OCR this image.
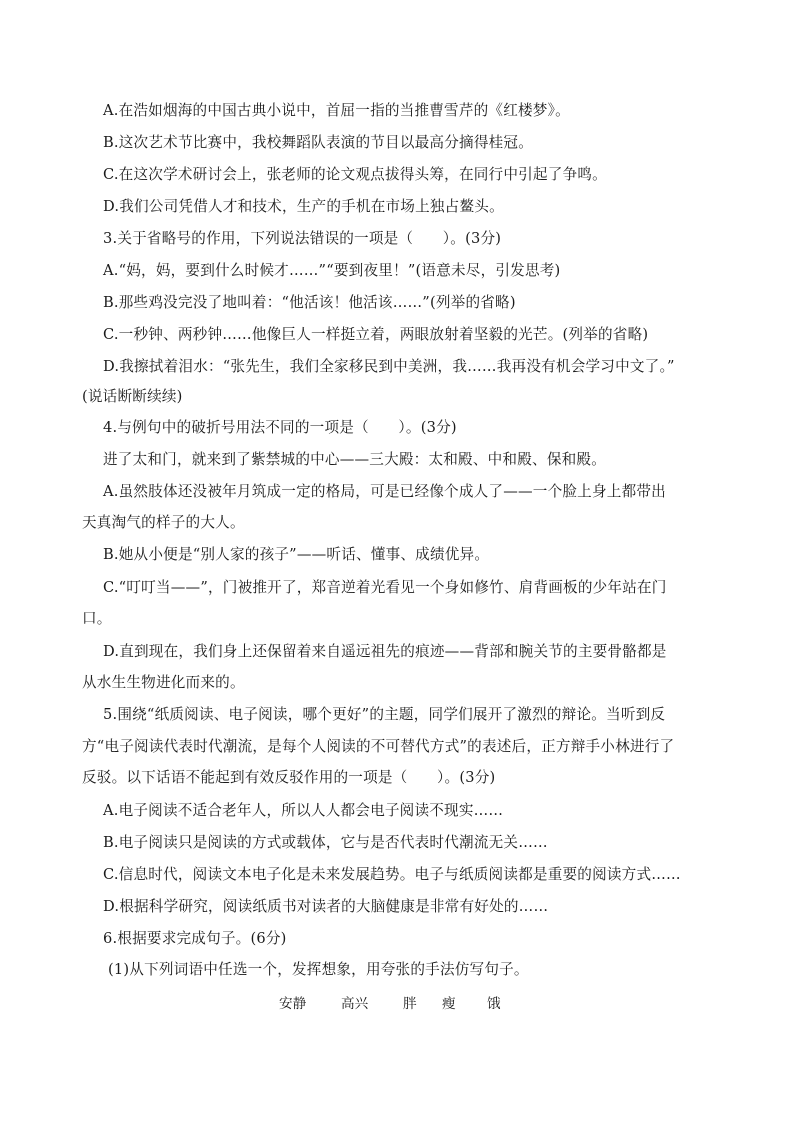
A.在浩如烟海的中国古典小说中，首屈一指的当推曹雪芹的《红楼梦》。
B.这次艺术节比赛中，我校舞蹈队表演的节目以最高分摘得桂冠。
C.在这次学术研讨会上，张老师的论文观点拔得头筹，在同行中引起了争鸣。
D.我们公司凭借人才和技术，生产的手机在市场上独占鳌头。
3.关于省略号的作用，下列说法错误的一项是（　　）。(3分)
A.“妈，妈，要到什么时候才……”“要到夜里！”(语意未尽，引发思考)
B.那些鸡没完没了地叫着：“他活该！他活该……”(列举的省略)
C.一秒钟、两秒钟……他像巨人一样挺立着，两眼放射着坚毅的光芒。(列举的省略)
D.我擦拭着泪水：“张先生，我们全家移民到中美洲，我……我再没有机会学习中文了。”
(说话断断续续)
4.与例句中的破折号用法不同的一项是（　　）。(3分)
进了太和门，就来到了紫禁城的中心——三大殿：太和殿、中和殿、保和殿。
A.虽然肢体还没被年月筑成一定的格局，可是已经像个成人了——一个脸上身上都带出
天真淘气的样子的大人。
B.她从小便是“别人家的孩子”——听话、懂事、成绩优异。
C.“叮叮当——”，门被推开了，郑音逆着光看见一个身如修竹、肩背画板的少年站在门
口。
D.直到现在，我们身上还保留着来自遥远祖先的痕迹——背部和腕关节的主要骨骼都是
从水生生物进化而来的。
5.围绕“纸质阅读、电子阅读，哪个更好”的主题，同学们展开了激烈的辩论。当听到反
方“电子阅读代表时代潮流，是每个人阅读的不可替代方式”的表述后，正方辩手小林进行了
反驳。以下话语不能起到有效反驳作用的一项是（　　）。(3分)
A.电子阅读不适合老年人，所以人人都会电子阅读不现实……
B.电子阅读只是阅读的方式或载体，它与是否代表时代潮流无关……
C.信息时代，阅读文本电子化是未来发展趋势。电子与纸质阅读都是重要的阅读方式……
D.根据科学研究，阅读纸质书对读者的大脑健康是非常有好处的……
6.根据要求完成句子。(6分)
(1)从下列词语中任选一个，发挥想象，用夸张的手法仿写句子。
安静	高兴	胖 瘦 饿
